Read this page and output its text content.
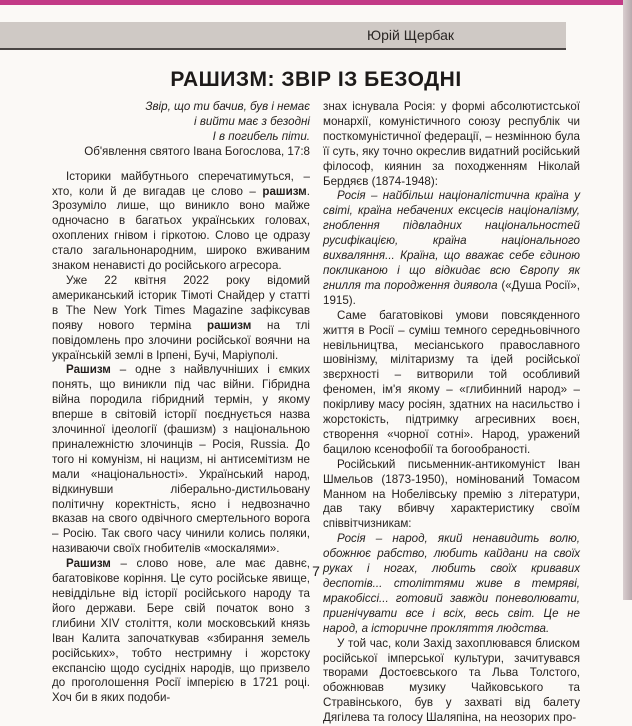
Юрій Щербак
РАШИЗМ: ЗВІР ІЗ БЕЗОДНІ

Звір, що ти бачив, був і немає

і вийти має з безодні

І в погибель піти.

Об'явлення святого Івана Богослова, 17:8

Історики майбутнього сперечатимуться, – хто, коли й де вигадав це слово – рашизм. Зрозуміло лише, що виникло воно майже одночасно в багатьох українських головах, охоплених гнівом і гіркотою. Слово це одразу стало загальнонародним, широко вживаним знаком ненависті до російського агресора.

Уже 22 квітня 2022 року відомий американський історик Тімоті Снайдер у статті в The New York Times Magazine зафіксував появу нового терміна рашизм на тлі повідомлень про злочини російської воячни на українській землі в Ірпені, Бучі, Маріуполі.

Рашизм – одне з найвлучніших і ємких понять, що виникли під час війни. Гібридна війна породила гібридний термін, у якому вперше в світовій історії поєднується назва злочинної ідеології (фашизм) з національною приналежністю злочинців – Росія, Russia. До того ні комунізм, ні нацизм, ні антисемітизм не мали «національності». Український народ, відкинувши ліберально-дистильовану політичну коректність, ясно і недвозначно вказав на свого одвічного смертельного ворога – Росію. Так свого часу чинили колись поляки, називаючи своїх гнобителів «москалями».

Рашизм – слово нове, але має давнє, багатовікове коріння. Це суто російське явище, невіддільне від історії російського народу та його держави. Бере свій початок воно з глибини XIV століття, коли московський князь Іван Калита започаткував «збирання земель російських», тобто нестримну і жорстоку експансію щодо сусідніх народів, що призвело до проголошення Росії імперією в 1721 році. Хоч би в яких подоби-

знах існувала Росія: у формі абсолютистської монархії, комуністичного союзу республік чи посткомуністичної федерації, – незмінною була її суть, яку точно окреслив видатний російський філософ, киянин за походженням Ніколай Бердяєв (1874-1948):

Росія – найбільш націоналістична країна у світі, країна небачених ексцесів націоналізму, гноблення підвладних національностей русифікацією, країна національного вихваляння... Країна, що вважає себе єдиною покликаною і що відкидає всю Європу як гнилля та породження диявола («Душа Росії», 1915).

Саме багатовікові умови повсякденного життя в Росії – суміш темного середньовічного невільництва, месіанського православного шовінізму, мілітаризму та ідей російської звєрхності – витворили той особливий феномен, ім'я якому – «глибинний народ» – покірливу масу росіян, здатних на насильство і жорстокість, підтримку агресивних воєн, створення «чорної сотні». Народ, уражений бацилою ксенофобії та богообраності.

Російський письменник-антикомуніст Іван Шмельов (1873-1950), номінований Томасом Манном на Нобелівську премію з літератури, дав таку вбивчу характеристику своїм співвітчизникам:

Росія – народ, який ненавидить волю, обожнює рабство, любить кайдани на своїх руках і ногах, любить своїх кривавих деспотів... століттями живе в темряві, мракобіссі... готовий завжди поневолювати, пригнічувати все і всіх, весь світ. Це не народ, а історичне прокляття людства.

У той час, коли Захід захоплювався блиском російської імперської культури, зачитувався творами Достоєвського та Льва Толстого, обожнював музику Чайковського та Стравінського, був у захваті від балету Дягілева та голосу Шаляпіна, на неозорих про-

7
